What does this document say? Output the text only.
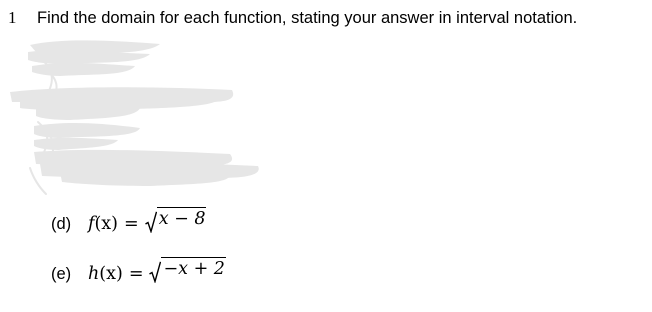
1 Find the domain for each function, stating your answer in interval notation.
(d) f (x) = x − 8
(e) h (x) = −x + 2
